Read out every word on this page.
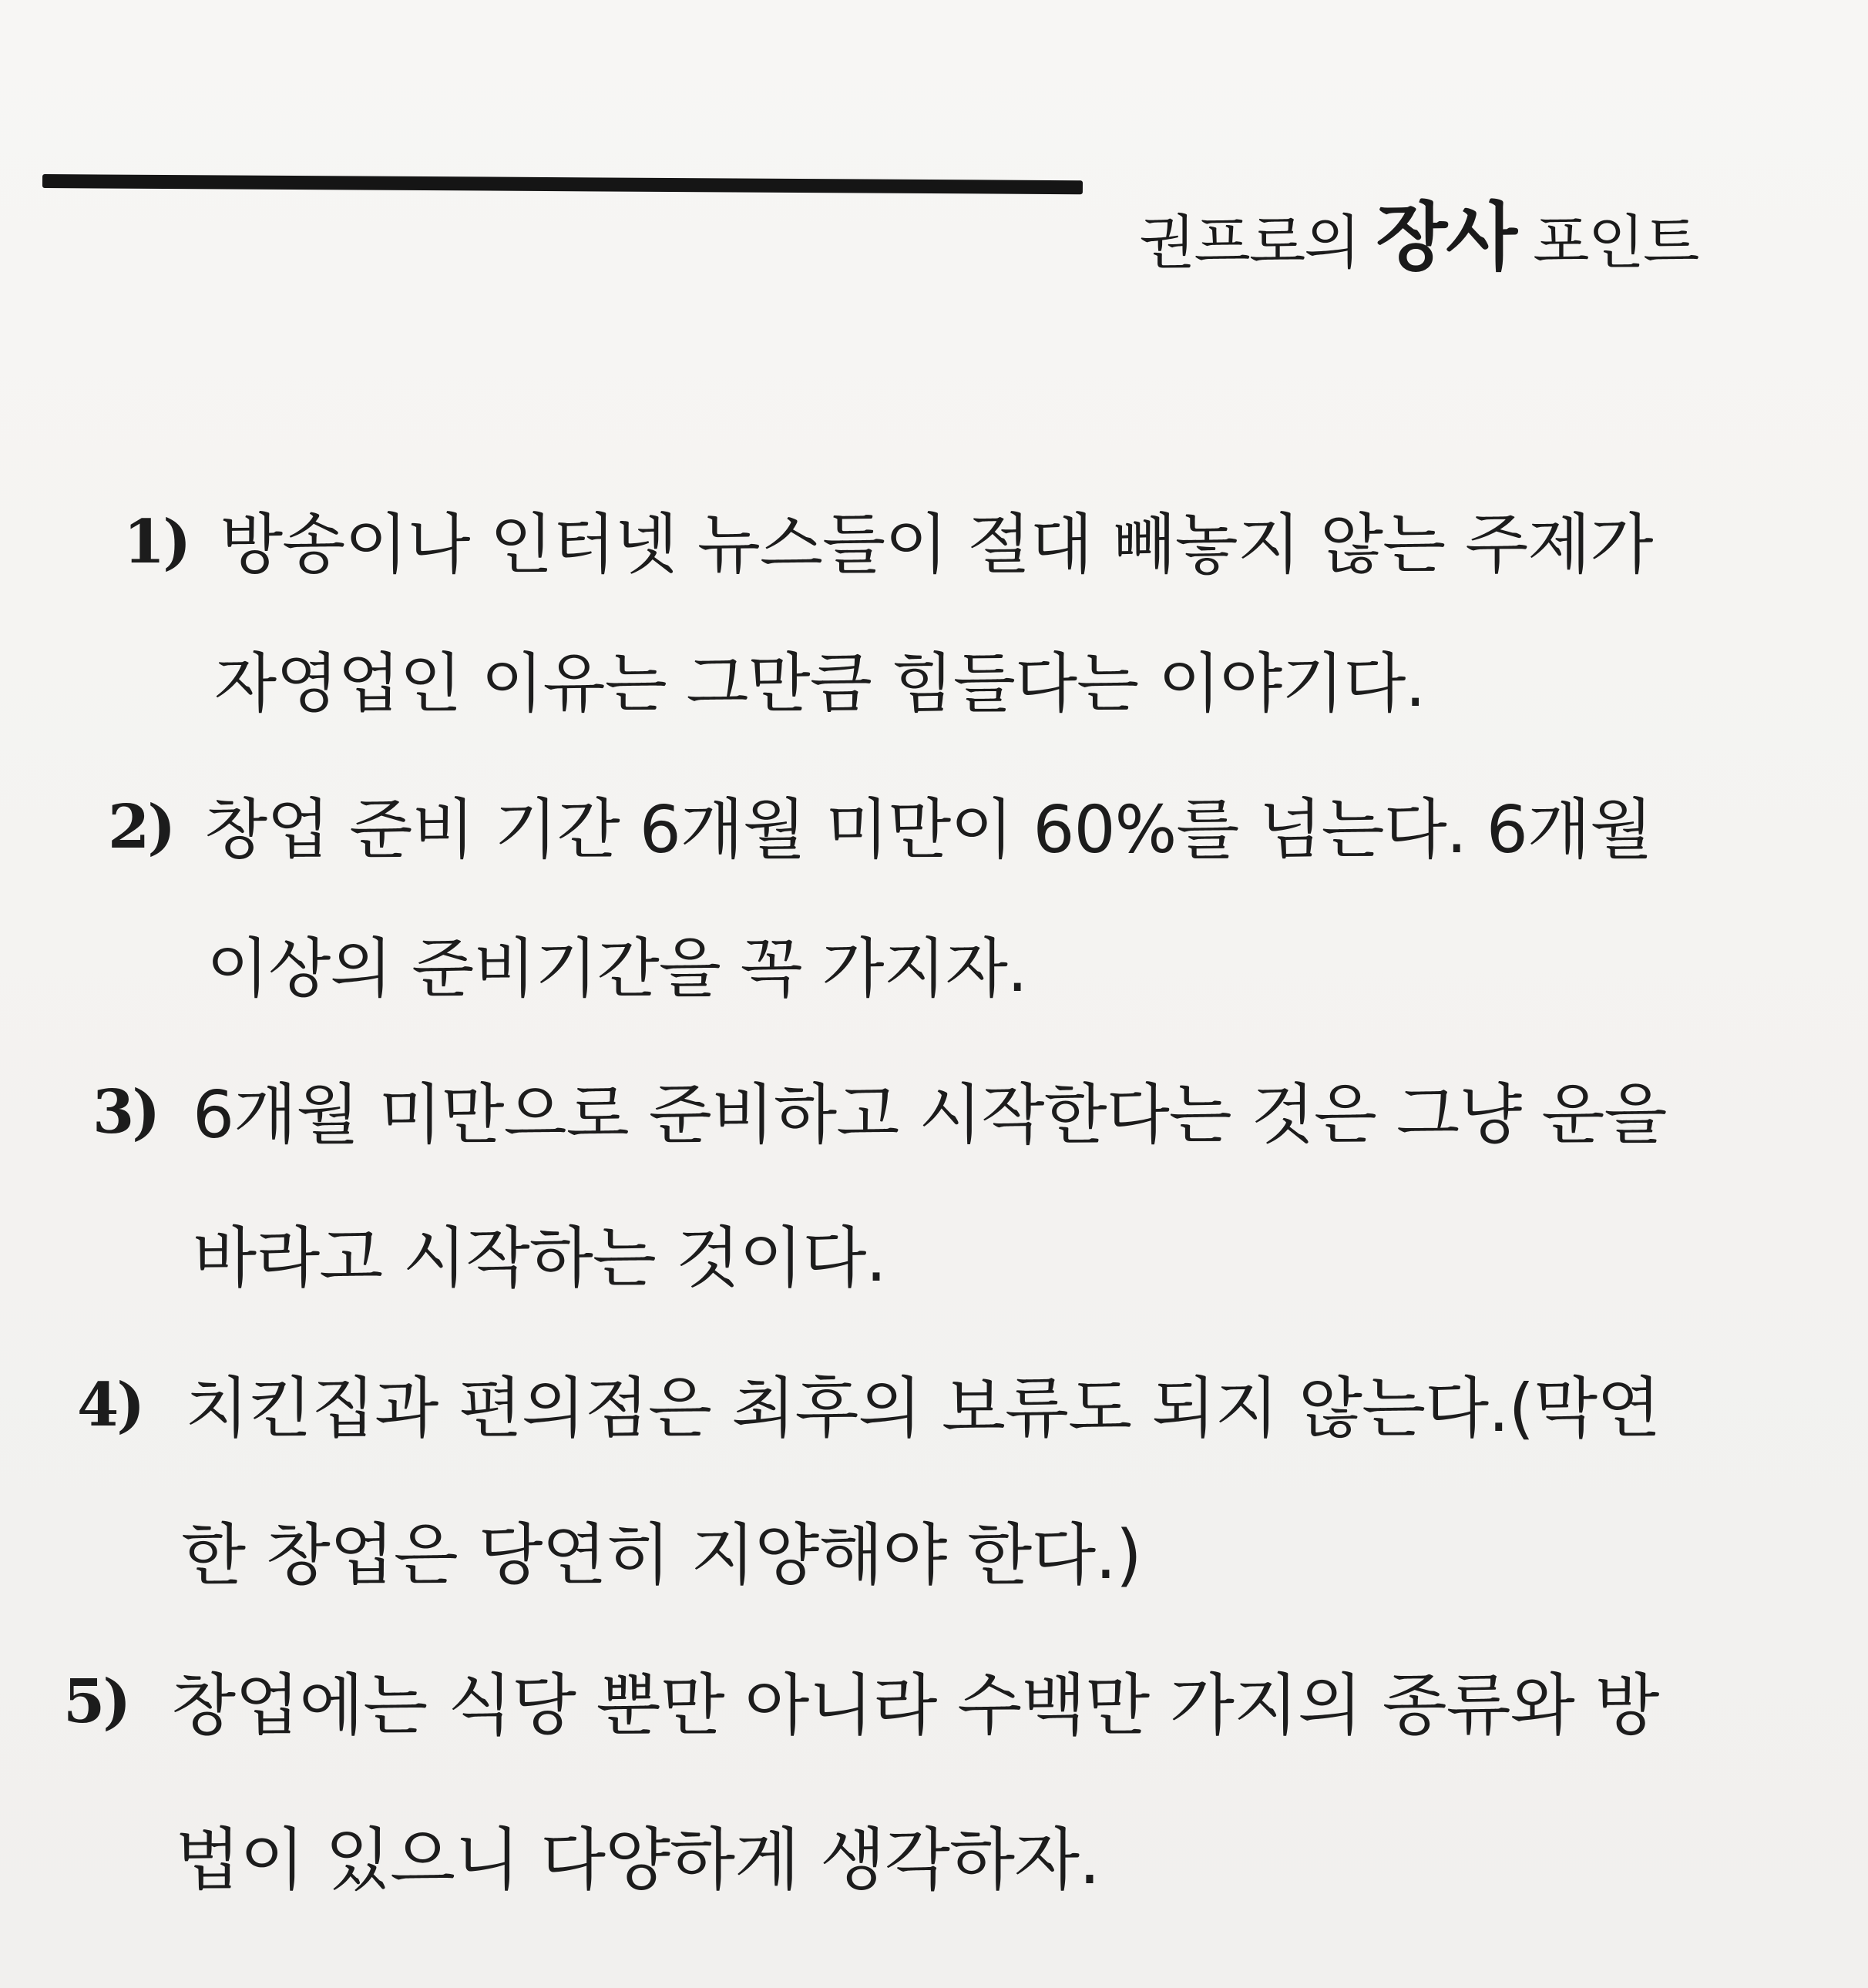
권프로의 장사 포인트
1) 방송이나 인터넷 뉴스들이 절대 빼놓지 않는 주제가
자영업인 이유는 그만큼 힘들다는 이야기다.
2) 창업 준비 기간 6개월 미만이 60%를 넘는다. 6개월
이상의 준비기간을 꼭 가지자.
3) 6개월 미만으로 준비하고 시작한다는 것은 그냥 운을
바라고 시작하는 것이다.
4) 치킨집과 편의점은 최후의 보류도 되지 않는다.(막연
한 창업은 당연히 지양해야 한다.)
5) 창업에는 식당 뿐만 아니라 수백만 가지의 종류와 방
법이 있으니 다양하게 생각하자.
